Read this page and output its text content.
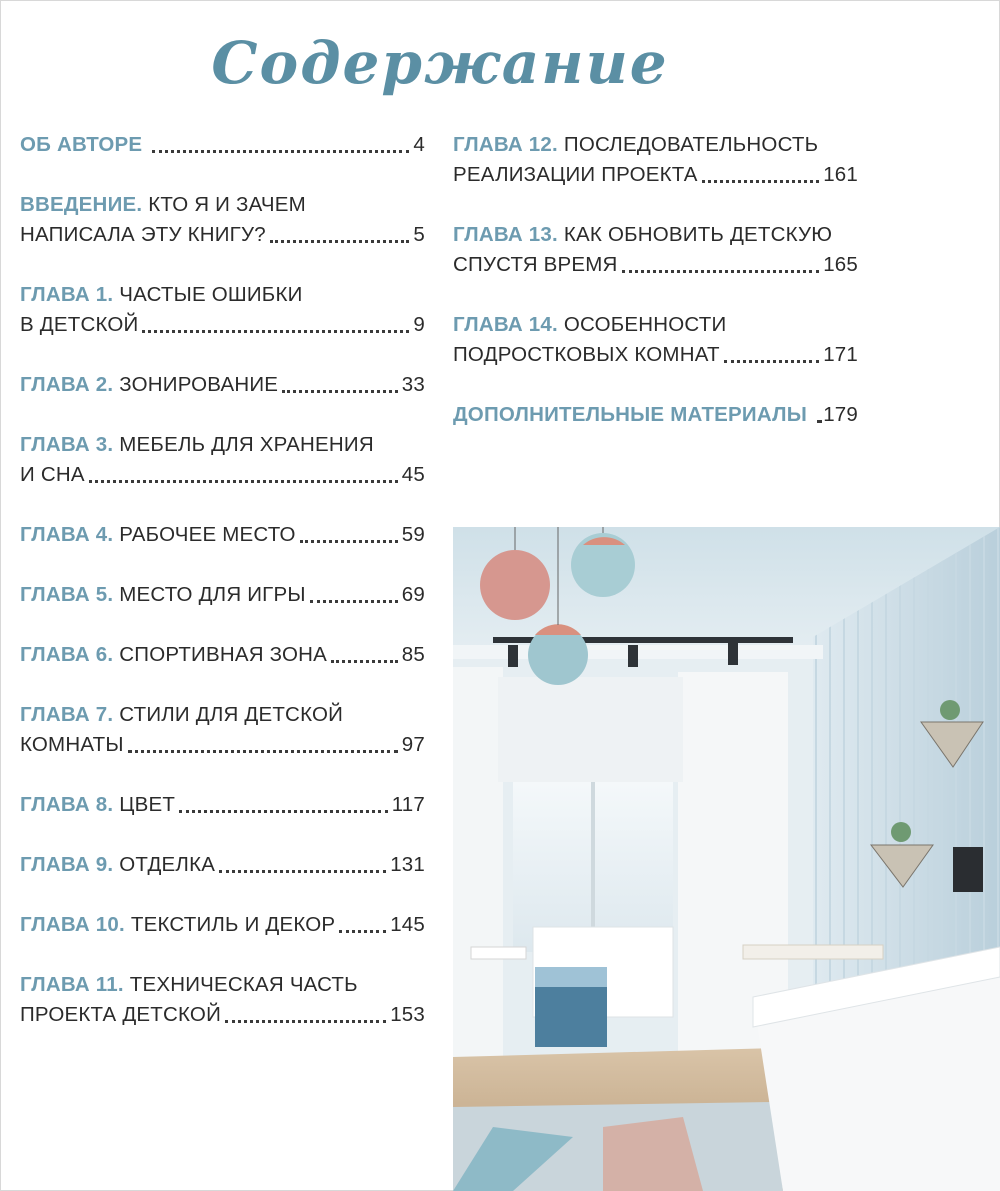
Содержание
ОБ АВТОРЕ	4
ВВЕДЕНИЕ. КТО Я И ЗАЧЕМ
НАПИСАЛА ЭТУ КНИГУ?	5
ГЛАВА 1. ЧАСТЫЕ ОШИБКИ
В ДЕТСКОЙ	9
ГЛАВА 2. ЗОНИРОВАНИЕ	33
ГЛАВА 3. МЕБЕЛЬ ДЛЯ ХРАНЕНИЯ
И СНА	45
ГЛАВА 4. РАБОЧЕЕ МЕСТО	59
ГЛАВА 5. МЕСТО ДЛЯ ИГРЫ	69
ГЛАВА 6. СПОРТИВНАЯ ЗОНА	85
ГЛАВА 7. СТИЛИ ДЛЯ ДЕТСКОЙ
КОМНАТЫ	97
ГЛАВА 8. ЦВЕТ	117
ГЛАВА 9. ОТДЕЛКА	131
ГЛАВА 10. ТЕКСТИЛЬ И ДЕКОР	145
ГЛАВА 11. ТЕХНИЧЕСКАЯ ЧАСТЬ
ПРОЕКТА ДЕТСКОЙ	153
ГЛАВА 12. ПОСЛЕДОВАТЕЛЬНОСТЬ
РЕАЛИЗАЦИИ ПРОЕКТА	161
ГЛАВА 13. КАК ОБНОВИТЬ ДЕТСКУЮ
СПУСТЯ ВРЕМЯ	165
ГЛАВА 14. ОСОБЕННОСТИ
ПОДРОСТКОВЫХ КОМНАТ	171
ДОПОЛНИТЕЛЬНЫЕ МАТЕРИАЛЫ 179
